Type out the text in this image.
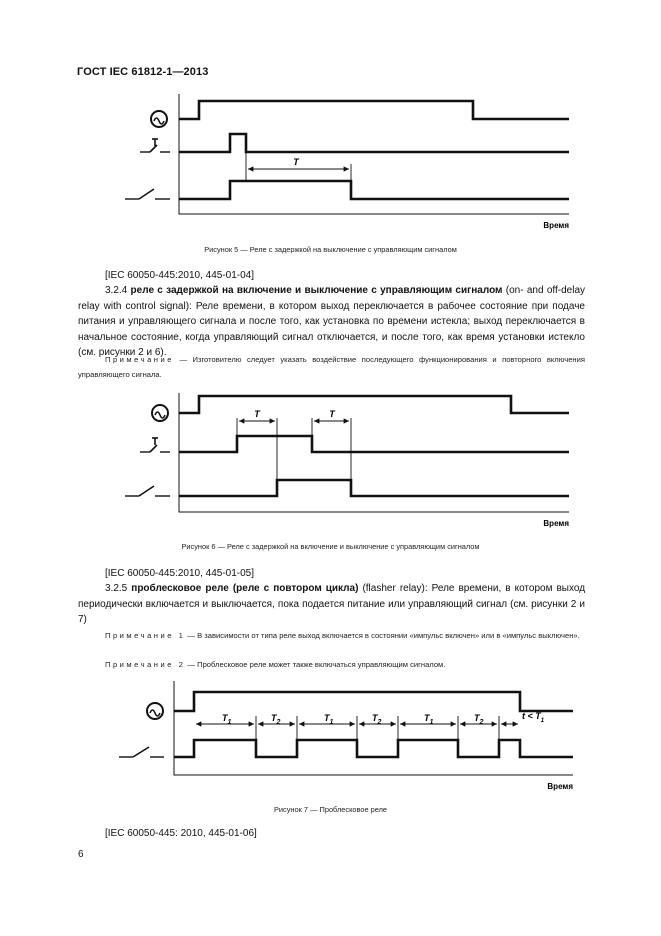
ГОСТ IEC 61812-1—2013
T
Время
Рисунок 5 — Реле с задержкой на выключение с управляющим сигналом
[IEC 60050-445:2010, 445-01-04]
3.2.4 реле с задержкой на включение и выключение с управляющим сигналом (on- and off-delay relay with control signal): Реле времени, в котором выход переключается в рабочее состояние при подаче питания и управляющего сигнала и после того, как установка по времени истекла; выход переключается в начальное состояние, когда управляющий сигнал отключается, и после того, как время установки истекло (см. рисунки 2 и 6).
Примечание — Изготовителю следует указать воздействие последующего функционирования и повторного включения управляющего сигнала.
T	T
Время
Рисунок 6 — Реле с задержкой на включение и выключение с управляющим сигналом
[IEC 60050-445:2010, 445-01-05]
3.2.5 проблесковое реле (реле с повтором цикла) (flasher relay): Реле времени, в котором выход периодически включается и выключается, пока подается питание или управляющий сигнал (см. рисунки 2 и 7)
Примечание 1 — В зависимости от типа реле выход включается в состоянии «импульс включен» или в «импульс выключен».
Примечание 2 — Проблесковое реле может также включаться управляющим сигналом.
$T_1$	$T_2$	$T_1$	$T_2$	$T_1$	$T_2$
$t < T_1$
Время
Рисунок 7 — Проблесковое реле
[IEC 60050-445: 2010, 445-01-06]
6
